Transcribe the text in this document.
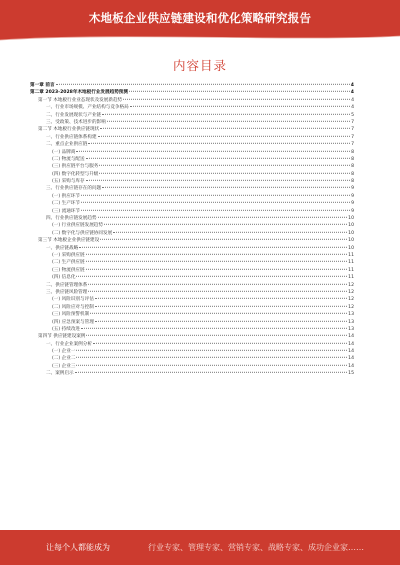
木地板企业供应链建设和优化策略研究报告
内容目录
第一章 前言	4
第二章 2023-2028年木地板行业发展趋势预测	4
第一节 木地板行业业态现状及发展新趋势	4
一、行业市场规模、产业结构与竞争格局	4
二、行业发展现状与产业链	5
三、受政策、技术进步的影响	7
第二节 木地板行业供应链现状	7
一、行业供应链体系构建	7
二、重点企业供应链	7
(一) 品牌商	8
(二) 物流与配送	8
(三) 供应链平台与服务	8
(四) 数字化转型与升级	8
(五) 采购与库存	8
三、行业供应链存在的问题	9
(一) 供应环节	9
(二) 生产环节	9
(三) 流通环节	9
四、行业供应链发展趋势	10
(一) 行业供应链发展趋势	10
(二) 数字化与供应链协同发展	10
第三节 木地板企业供应链建设	10
一、供应链战略	10
(一) 采购供应链	11
(二) 生产供应链	11
(三) 物流供应链	11
(四) 信息化	11
二、供应链管理体系	12
三、供应链风险管理	12
(一) 风险识别与评估	12
(二) 风险应对与控制	12
(三) 风险预警机制	13
(四) 应急预案与管理	13
(五) 持续改进	13
第四节 供应链建设案例	14
一、行业企业案例分析	14
(一) 企业一	14
(二) 企业二	14
(三) 企业三	14
二、案例启示	15
让每个人都能成为	行业专家、管理专家、营销专家、战略专家、成功企业家……
